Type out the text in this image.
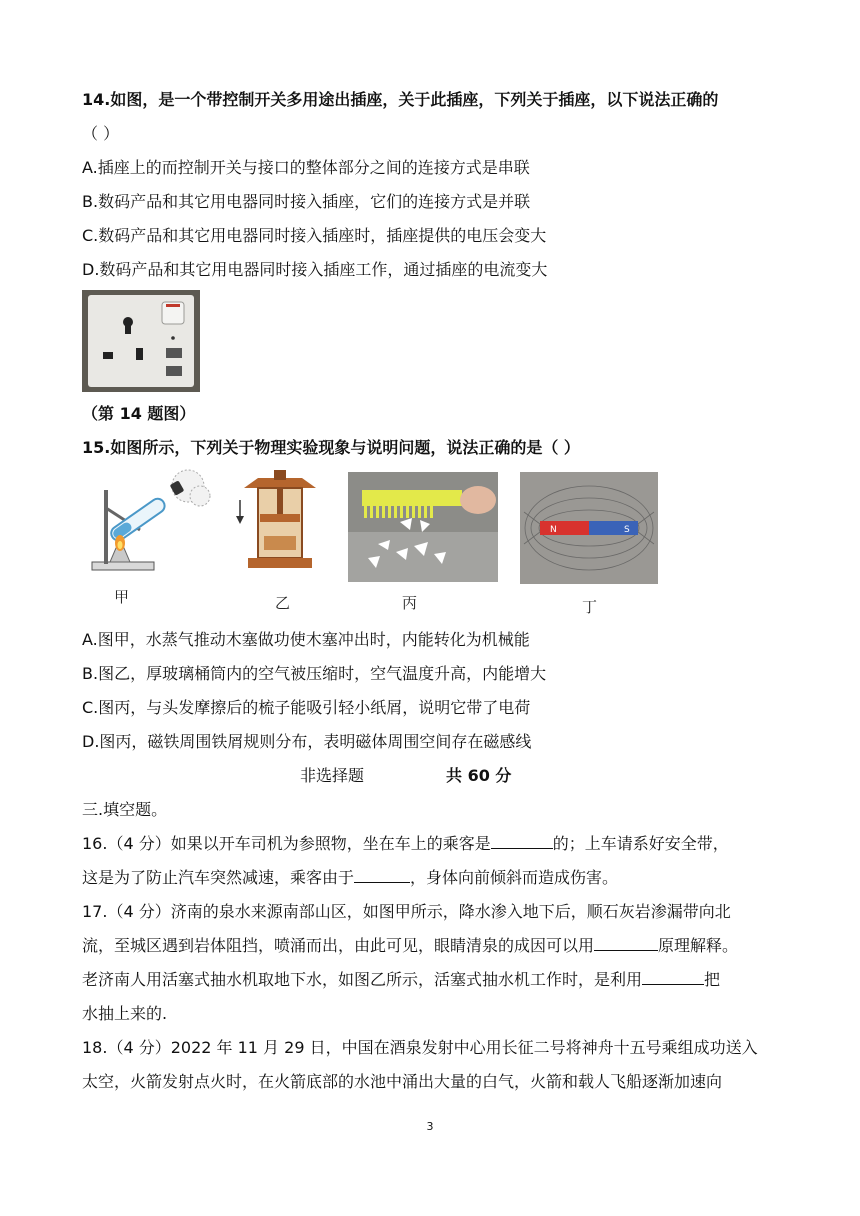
14.如图，是一个带控制开关多用途出插座，关于此插座，下列关于插座，以下说法正确的
（ ）
A.插座上的而控制开关与接口的整体部分之间的连接方式是串联
B.数码产品和其它用电器同时接入插座，它们的连接方式是并联
C.数码产品和其它用电器同时接入插座时，插座提供的电压会变大
D.数码产品和其它用电器同时接入插座工作，通过插座的电流变大
（第 14 题图）
15.如图所示，下列关于物理实验现象与说明问题，说法正确的是（ ）
甲	乙	丙
N	S
丁
A.图甲，水蒸气推动木塞做功使木塞冲出时，内能转化为机械能
B.图乙，厚玻璃桶筒内的空气被压缩时，空气温度升高，内能增大
C.图丙，与头发摩擦后的梳子能吸引轻小纸屑，说明它带了电荷
D.图丙，磁铁周围铁屑规则分布，表明磁体周围空间存在磁感线
非选择题	共 60 分
三.填空题。
16.（4 分）如果以开车司机为参照物，坐在车上的乘客是	的；上车请系好安全带，
这是为了防止汽车突然减速，乘客由于	，身体向前倾斜而造成伤害。
17.（4 分）济南的泉水来源南部山区，如图甲所示，降水渗入地下后，顺石灰岩渗漏带向北
流，至城区遇到岩体阻挡，喷涌而出，由此可见，眼睛清泉的成因可以用	原理解释。
老济南人用活塞式抽水机取地下水，如图乙所示，活塞式抽水机工作时，是利用	把
水抽上来的.
18.（4 分）2022 年 11 月 29 日，中国在酒泉发射中心用长征二号将神舟十五号乘组成功送入
太空，火箭发射点火时，在火箭底部的水池中涌出大量的白气，火箭和载人飞船逐渐加速向
3
